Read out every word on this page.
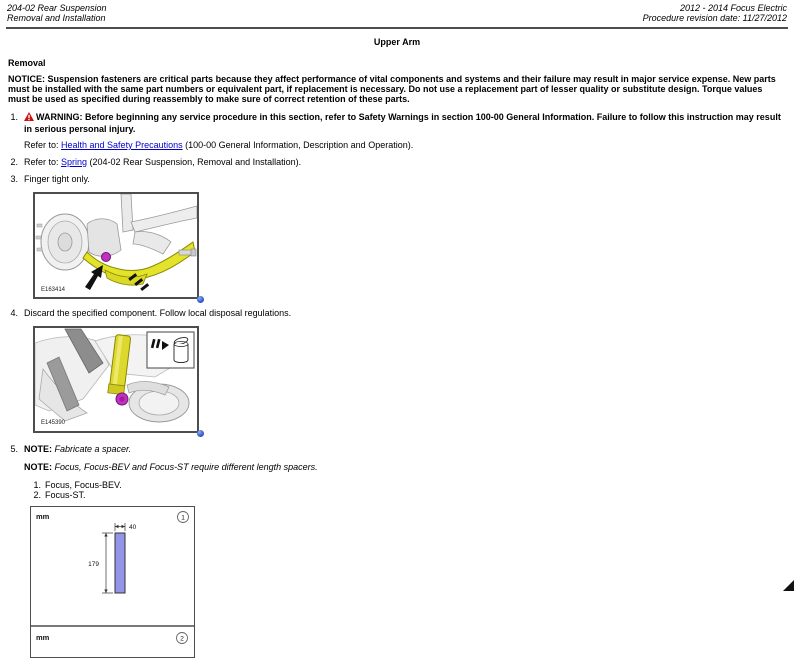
204-02 Rear Suspension
Removal and Installation
2012 - 2014 Focus Electric
Procedure revision date: 11/27/2012
Upper Arm
Removal

NOTICE: Suspension fasteners are critical parts because they affect performance of vital components and systems and their failure may result in major service expense. New parts must be installed with the same part numbers or equivalent part, if replacement is necessary. Do not use a replacement part of lesser quality or substitute design. Torque values must be used as specified during reassembly to make sure of correct retention of these parts.

1.	WARNING: Before beginning any service procedure in this section, refer to Safety Warnings in section 100-00 General Information. Failure to follow this instruction may result in serious personal injury.
Refer to: Health and Safety Precautions (100-00 General Information, Description and Operation).
2. Refer to: Spring (204-02 Rear Suspension, Removal and Installation).
3. Finger tight only.
E163414
4. Discard the specified component. Follow local disposal regulations.
E145390
5. NOTE: Fabricate a spacer.
NOTE: Focus, Focus-BEV and Focus-ST require different length spacers.
1. Focus, Focus-BEV.
2. Focus-ST.
mm	1
40
179
mm	2
